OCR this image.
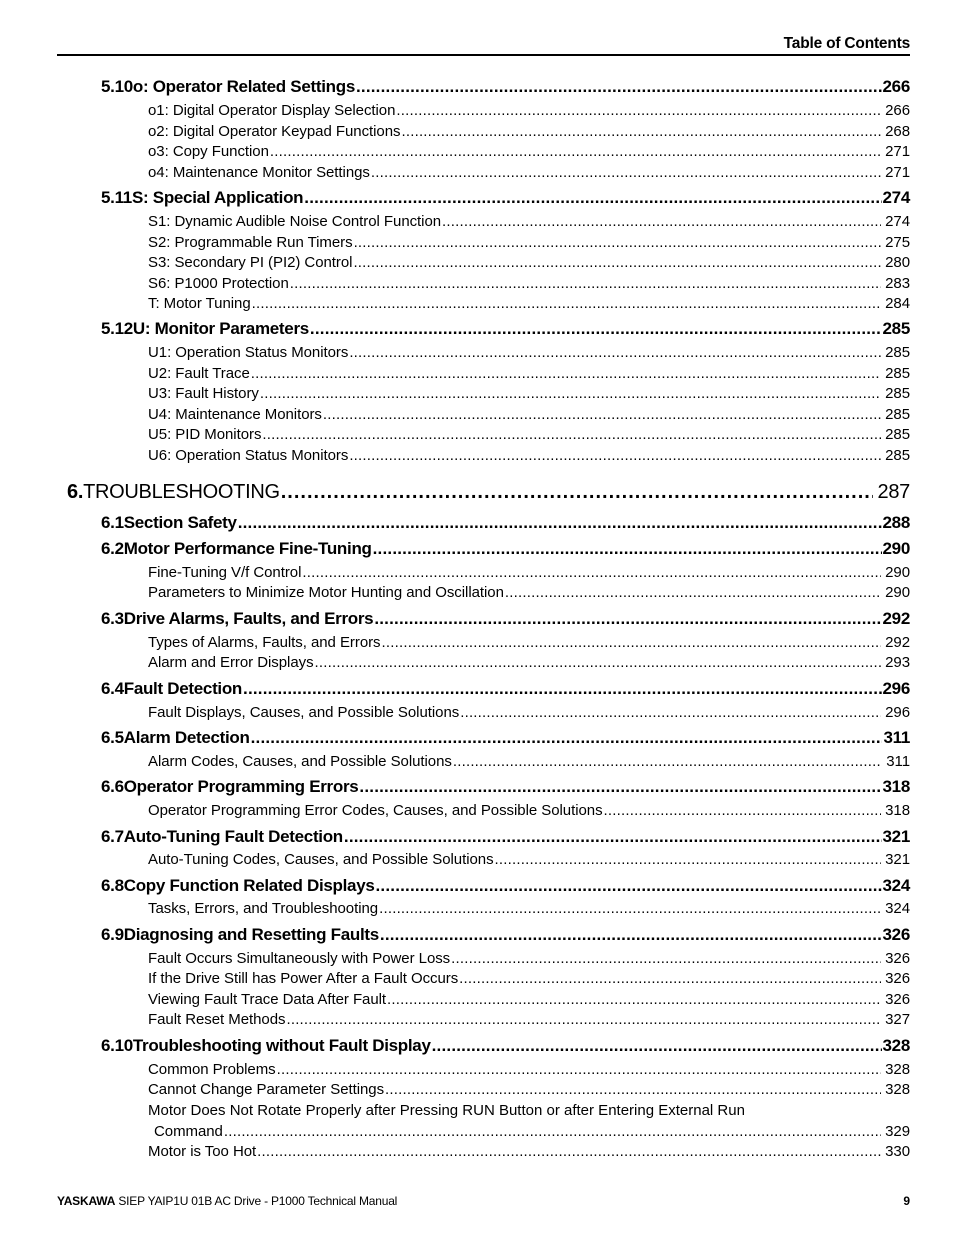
Table of Contents
5.10 o: Operator Related Settings .....	266
o1: Digital Operator Display Selection .....	266
o2: Digital Operator Keypad Functions .....	268
o3: Copy Function .....	271
o4: Maintenance Monitor Settings .....	271
5.11 S: Special Application .....	274
S1: Dynamic Audible Noise Control Function .....	274
S2: Programmable Run Timers .....	275
S3: Secondary PI (PI2) Control .....	280
S6: P1000 Protection .....	283
T: Motor Tuning .....	284
5.12 U: Monitor Parameters .....	285
U1: Operation Status Monitors .....	285
U2: Fault Trace .....	285
U3: Fault History .....	285
U4: Maintenance Monitors .....	285
U5: PID Monitors .....	285
U6: Operation Status Monitors .....	285
6. TROUBLESHOOTING .....	287
6.1 Section Safety .....	288
6.2 Motor Performance Fine-Tuning .....	290
Fine-Tuning V/f Control .....	290
Parameters to Minimize Motor Hunting and Oscillation .....	290
6.3 Drive Alarms, Faults, and Errors .....	292
Types of Alarms, Faults, and Errors .....	292
Alarm and Error Displays .....	293
6.4 Fault Detection .....	296
Fault Displays, Causes, and Possible Solutions .....	296
6.5 Alarm Detection .....	311
Alarm Codes, Causes, and Possible Solutions .....	311
6.6 Operator Programming Errors .....	318
Operator Programming Error Codes, Causes, and Possible Solutions .....	318
6.7 Auto-Tuning Fault Detection .....	321
Auto-Tuning Codes, Causes, and Possible Solutions .....	321
6.8 Copy Function Related Displays .....	324
Tasks, Errors, and Troubleshooting .....	324
6.9 Diagnosing and Resetting Faults .....	326
Fault Occurs Simultaneously with Power Loss .....	326
If the Drive Still has Power After a Fault Occurs .....	326
Viewing Fault Trace Data After Fault .....	326
Fault Reset Methods .....	327
6.10 Troubleshooting without Fault Display .....	328
Common Problems .....	328
Cannot Change Parameter Settings .....	328
Motor Does Not Rotate Properly after Pressing RUN Button or after Entering External Run
Command .....	329
Motor is Too Hot .....	330
YASKAWA SIEP YAIP1U 01B AC Drive - P1000 Technical Manual	9
